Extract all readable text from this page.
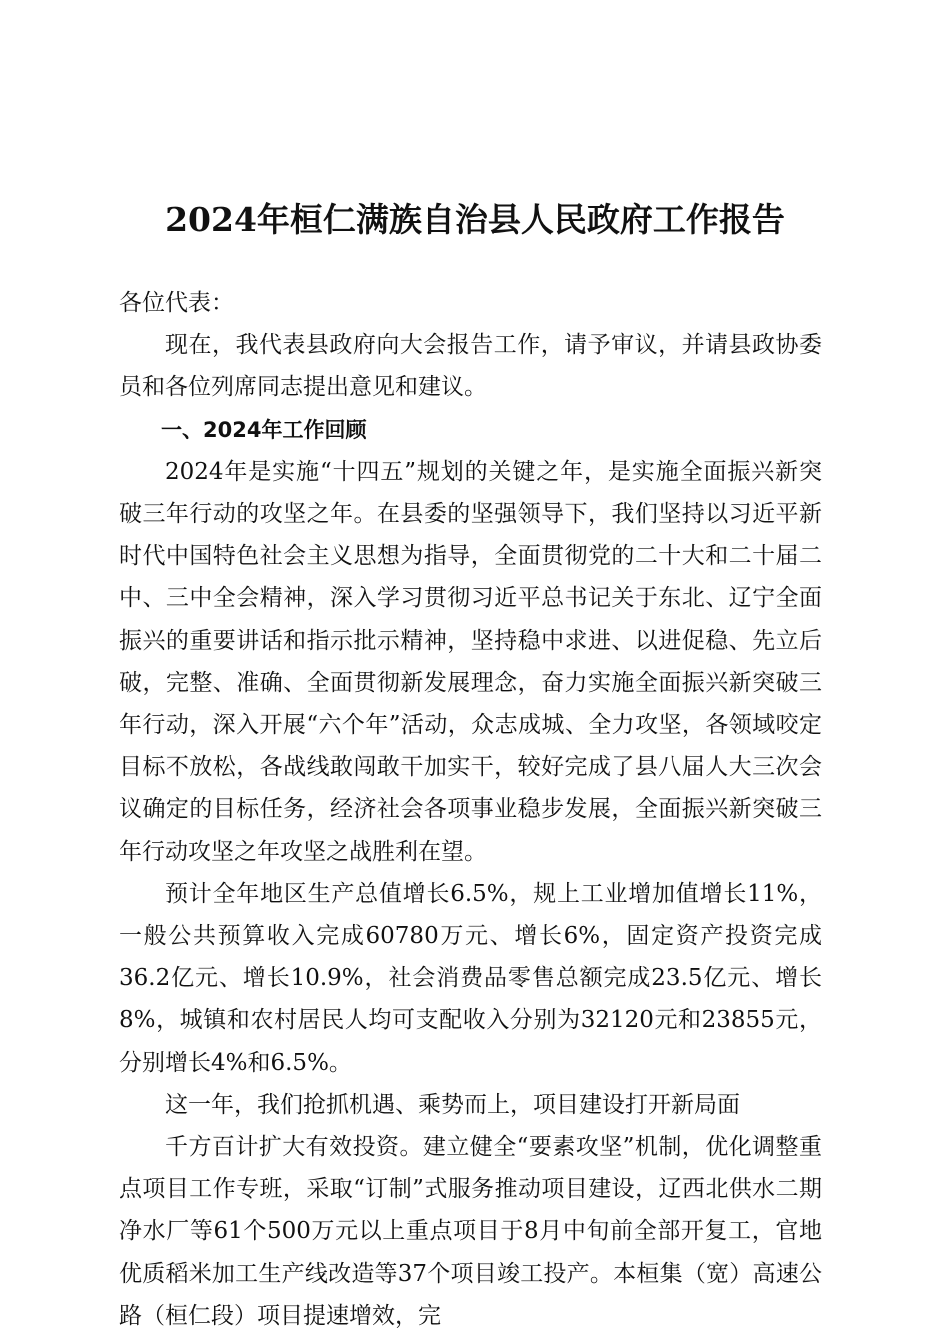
2024年桓仁满族自治县人民政府工作报告

各位代表：

现在，我代表县政府向大会报告工作，请予审议，并请县政协委员和各位列席同志提出意见和建议。

一、2024年工作回顾

2024年是实施“十四五”规划的关键之年，是实施全面振兴新突破三年行动的攻坚之年。在县委的坚强领导下，我们坚持以习近平新时代中国特色社会主义思想为指导，全面贯彻党的二十大和二十届二中、三中全会精神，深入学习贯彻习近平总书记关于东北、辽宁全面振兴的重要讲话和指示批示精神，坚持稳中求进、以进促稳、先立后破，完整、准确、全面贯彻新发展理念，奋力实施全面振兴新突破三年行动，深入开展“六个年”活动，众志成城、全力攻坚，各领域咬定目标不放松，各战线敢闯敢干加实干，较好完成了县八届人大三次会议确定的目标任务，经济社会各项事业稳步发展，全面振兴新突破三年行动攻坚之年攻坚之战胜利在望。

预计全年地区生产总值增长6.5%，规上工业增加值增长11%，一般公共预算收入完成60780万元、增长6%，固定资产投资完成36.2亿元、增长10.9%，社会消费品零售总额完成23.5亿元、增长8%，城镇和农村居民人均可支配收入分别为32120元和23855元，分别增长4%和6.5%。

这一年，我们抢抓机遇、乘势而上，项目建设打开新局面

千方百计扩大有效投资。建立健全“要素攻坚”机制，优化调整重点项目工作专班，采取“订制”式服务推动项目建设，辽西北供水二期净水厂等61个500万元以上重点项目于8月中旬前全部开复工，官地优质稻米加工生产线改造等37个项目竣工投产。本桓集（宽）高速公路（桓仁段）项目提速增效，完
